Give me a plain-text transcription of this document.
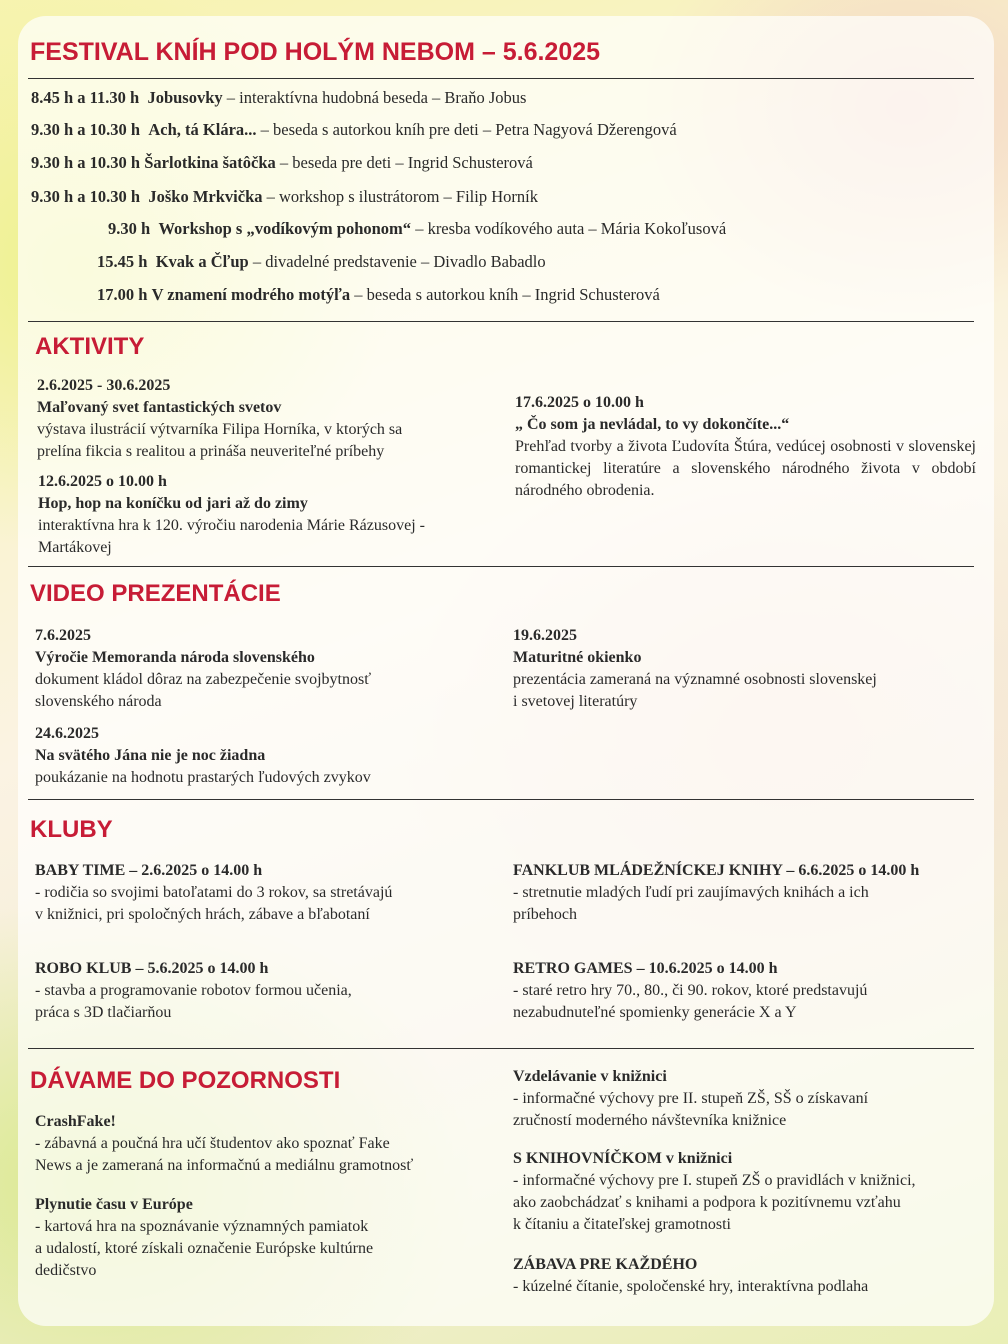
FESTIVAL KNÍH POD HOLÝM NEBOM – 5.6.2025
8.45 h a 11.30 h Jobusovky – interaktívna hudobná beseda – Braňo Jobus
9.30 h a 10.30 h Ach, tá Klára... – beseda s autorkou kníh pre deti – Petra Nagyová Džerengová
9.30 h a 10.30 h Šarlotkina šatôčka – beseda pre deti – Ingrid Schusterová
9.30 h a 10.30 h Joško Mrkvička – workshop s ilustrátorom – Filip Horník
9.30 h Workshop s „vodíkovým pohonom“ – kresba vodíkového auta – Mária Kokoľusová
15.45 h Kvak a Čľup – divadelné predstavenie – Divadlo Babadlo
17.00 h V znamení modrého motýľa – beseda s autorkou kníh – Ingrid Schusterová
AKTIVITY
2.6.2025 - 30.6.2025
Maľovaný svet fantastických svetov
výstava ilustrácií výtvarníka Filipa Horníka, v ktorých sa
prelína fikcia s realitou a prináša neuveriteľné príbehy
12.6.2025 o 10.00 h
Hop, hop na koníčku od jari až do zimy
interaktívna hra k 120. výročiu narodenia Márie Rázusovej -
Martákovej
17.6.2025 o 10.00 h
„ Čo som ja nevládal, to vy dokončíte...“
Prehľad tvorby a života Ľudovíta Štúra, vedúcej osobnosti v slovenskej romantickej literatúre a slovenského národného života v období národného obrodenia.
VIDEO PREZENTÁCIE
7.6.2025
Výročie Memoranda národa slovenského
dokument kládol dôraz na zabezpečenie svojbytnosť
slovenského národa
24.6.2025
Na svätého Jána nie je noc žiadna
poukázanie na hodnotu prastarých ľudových zvykov
19.6.2025
Maturitné okienko
prezentácia zameraná na významné osobnosti slovenskej
i svetovej literatúry
KLUBY
BABY TIME – 2.6.2025 o 14.00 h
- rodičia so svojimi batoľatami do 3 rokov, sa stretávajú
v knižnici, pri spoločných hrách, zábave a bľabotaní
ROBO KLUB – 5.6.2025 o 14.00 h
- stavba a programovanie robotov formou učenia,
práca s 3D tlačiarňou
FANKLUB MLÁDEŽNÍCKEJ KNIHY – 6.6.2025 o 14.00 h
- stretnutie mladých ľudí pri zaujímavých knihách a ich
príbehoch
RETRO GAMES – 10.6.2025 o 14.00 h
- staré retro hry 70., 80., či 90. rokov, ktoré predstavujú
nezabudnuteľné spomienky generácie X a Y
DÁVAME DO POZORNOSTI
CrashFake!
- zábavná a poučná hra učí študentov ako spoznať Fake
News a je zameraná na informačnú a mediálnu gramotnosť
Plynutie času v Európe
- kartová hra na spoznávanie významných pamiatok
a udalostí, ktoré získali označenie Európske kultúrne
dedičstvo
Vzdelávanie v knižnici
- informačné výchovy pre II. stupeň ZŠ, SŠ o získavaní
zručností moderného návštevníka knižnice
S KNIHOVNÍČKOM v knižnici
- informačné výchovy pre I. stupeň ZŠ o pravidlách v knižnici,
ako zaobchádzať s knihami a podpora k pozitívnemu vzťahu
k čítaniu a čitateľskej gramotnosti
ZÁBAVA PRE KAŽDÉHO
- kúzelné čítanie, spoločenské hry, interaktívna podlaha
